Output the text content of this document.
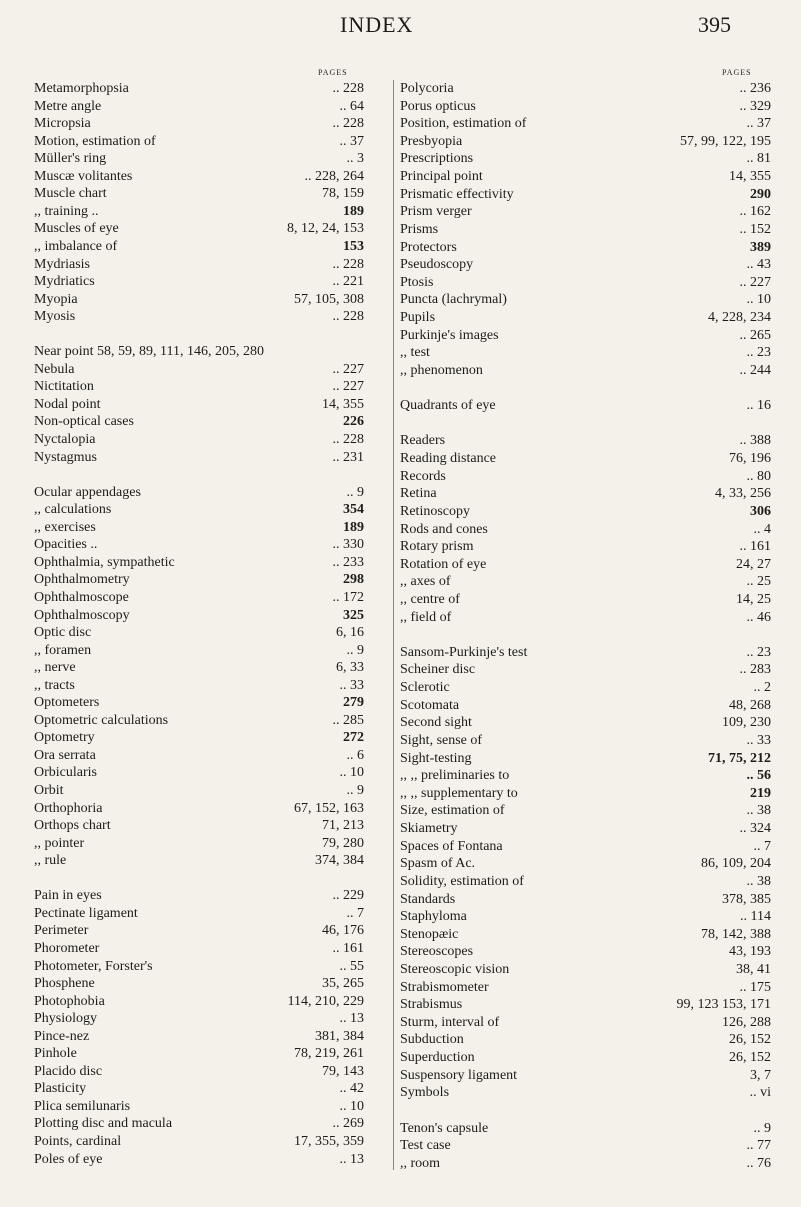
INDEX	395
PAGES	PAGES
Metamorphopsia	.. 228
Metre angle	.. 64
Micropsia	.. 228
Motion, estimation of	.. 37
Müller's ring	.. 3
Muscæ volitantes	.. 228, 264
Muscle chart	78, 159
,, training ..	189
Muscles of eye	8, 12, 24, 153
,, imbalance of	153
Mydriasis	.. 228
Mydriatics	.. 221
Myopia	57, 105, 308
Myosis	.. 228
Near point 58, 59, 89, 111, 146, 205, 280
Nebula	.. 227
Nictitation	.. 227
Nodal point	14, 355
Non-optical cases	226
Nyctalopia	.. 228
Nystagmus	.. 231
Ocular appendages	.. 9
,, calculations	354
,, exercises	189
Opacities ..	.. 330
Ophthalmia, sympathetic	.. 233
Ophthalmometry	298
Ophthalmoscope	.. 172
Ophthalmoscopy	325
Optic disc	6, 16
,, foramen	.. 9
,, nerve	6, 33
,, tracts	.. 33
Optometers	279
Optometric calculations	.. 285
Optometry	272
Ora serrata	.. 6
Orbicularis	.. 10
Orbit	.. 9
Orthophoria	67, 152, 163
Orthops chart	71, 213
,, pointer	79, 280
,, rule	374, 384
Pain in eyes	.. 229
Pectinate ligament	.. 7
Perimeter	46, 176
Phorometer	.. 161
Photometer, Forster's	.. 55
Phosphene	35, 265
Photophobia	114, 210, 229
Physiology	.. 13
Pince-nez	381, 384
Pinhole	78, 219, 261
Placido disc	79, 143
Plasticity	.. 42
Plica semilunaris	.. 10
Plotting disc and macula	.. 269
Points, cardinal	17, 355, 359
Poles of eye	.. 13
Polycoria	.. 236
Porus opticus	.. 329
Position, estimation of	.. 37
Presbyopia	57, 99, 122, 195
Prescriptions	.. 81
Principal point	14, 355
Prismatic effectivity	290
Prism verger	.. 162
Prisms	.. 152
Protectors	389
Pseudoscopy	.. 43
Ptosis	.. 227
Puncta (lachrymal)	.. 10
Pupils	4, 228, 234
Purkinje's images	.. 265
,, test	.. 23
,, phenomenon	.. 244
Quadrants of eye	.. 16
Readers	.. 388
Reading distance	76, 196
Records	.. 80
Retina	4, 33, 256
Retinoscopy	306
Rods and cones	.. 4
Rotary prism	.. 161
Rotation of eye	24, 27
,, axes of	.. 25
,, centre of	14, 25
,, field of	.. 46
Sansom-Purkinje's test	.. 23
Scheiner disc	.. 283
Sclerotic	.. 2
Scotomata	48, 268
Second sight	109, 230
Sight, sense of	.. 33
Sight-testing	71, 75, 212
,, ,, preliminaries to	.. 56
,, ,, supplementary to	219
Size, estimation of	.. 38
Skiametry	.. 324
Spaces of Fontana	.. 7
Spasm of Ac.	86, 109, 204
Solidity, estimation of	.. 38
Standards	378, 385
Staphyloma	.. 114
Stenopæic	78, 142, 388
Stereoscopes	43, 193
Stereoscopic vision	38, 41
Strabismometer	.. 175
Strabismus	99, 123 153, 171
Sturm, interval of	126, 288
Subduction	26, 152
Superduction	26, 152
Suspensory ligament	3, 7
Symbols	.. vi
Tenon's capsule	.. 9
Test case	.. 77
,, room	.. 76
